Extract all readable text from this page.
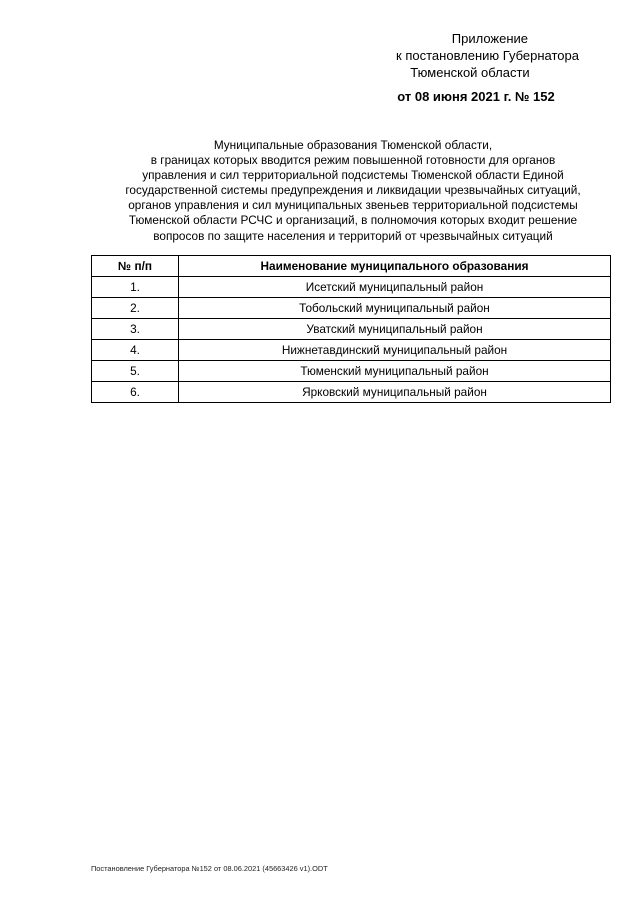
Приложение
к постановлению Губернатора
Тюменской области
от 08 июня 2021 г. № 152
Муниципальные образования Тюменской области,
в границах которых вводится режим повышенной готовности для органов
управления и сил территориальной подсистемы Тюменской области Единой
государственной системы предупреждения и ликвидации чрезвычайных ситуаций,
органов управления и сил муниципальных звеньев территориальной подсистемы
Тюменской области РСЧС и организаций, в полномочия которых входит решение
вопросов по защите населения и территорий от чрезвычайных ситуаций
№ п/п	Наименование муниципального образования
1.	Исетский муниципальный район
2.	Тобольский муниципальный район
3.	Уватский муниципальный район
4.	Нижнетавдинский муниципальный район
5.	Тюменский муниципальный район
6.	Ярковский муниципальный район
Постановление Губернатора №152 от 08.06.2021 (45663426 v1).ODT
